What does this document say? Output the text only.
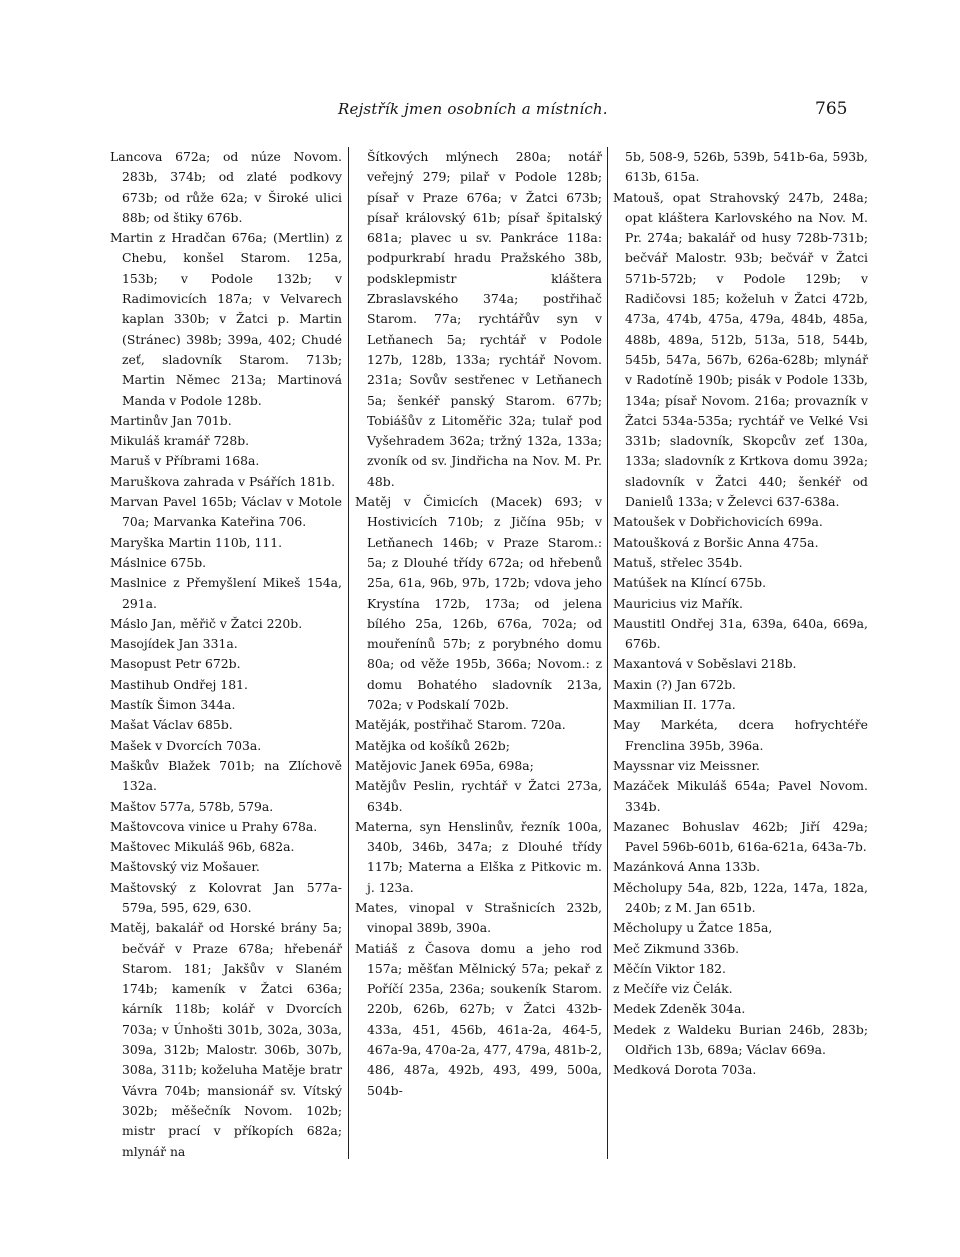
Rejstřík jmen osobních a místních.	765

Lancova 672a; od núze Novom. 283b, 374b; od zlaté podkovy 673b; od růže 62a; v Široké ulici 88b; od štiky 676b.

Martin z Hradčan 676a; (Mertlin) z Chebu, konšel Starom. 125a, 153b; v Podole 132b; v Radimovicích 187a; v Velvarech kaplan 330b; v Žatci p. Martin (Stránec) 398b; 399a, 402; Chudé zeť, sladovník Starom. 713b; Martin Němec 213a; Martinová Manda v Podole 128b.

Martinův Jan 701b.

Mikuláš kramář 728b.

Maruš v Příbrami 168a.

Maruškova zahrada v Psářích 181b.

Marvan Pavel 165b; Václav v Motole 70a; Marvanka Kateřina 706.

Maryška Martin 110b, 111.

Máslnice 675b.

Maslnice z Přemyšlení Mikeš 154a, 291a.

Máslo Jan, měřič v Žatci 220b.

Masojídek Jan 331a.

Masopust Petr 672b.

Mastihub Ondřej 181.

Mastík Šimon 344a.

Mašat Václav 685b.

Mašek v Dvorcích 703a.

Maškův Blažek 701b; na Zlíchově 132a.

Maštov 577a, 578b, 579a.

Maštovcova vinice u Prahy 678a.

Maštovec Mikuláš 96b, 682a.

Maštovský viz Mošauer.

Maštovský z Kolovrat Jan 577a-579a, 595, 629, 630.

Matěj, bakalář od Horské brány 5a; bečvář v Praze 678a; hřebenář Starom. 181; Jakšův v Slaném 174b; kameník v Žatci 636a; kárník 118b; kolář v Dvorcích 703a; v Únhošti 301b, 302a, 303a, 309a, 312b; Malostr. 306b, 307b, 308a, 311b; koželuha Matěje bratr Vávra 704b; mansionář sv. Vítský 302b; měšečník Novom. 102b; mistr prací v příkopích 682a; mlynář na

Šítkových mlýnech 280a; notář veřejný 279; pilař v Podole 128b; písař v Praze 676a; v Žatci 673b; písař královský 61b; písař špitalský 681a; plavec u sv. Pankráce 118a: podpurkrabí hradu Pražského 38b, podsklepmistr kláštera Zbraslavského 374a; postřihač Starom. 77a; rychtářův syn v Letňanech 5a; rychtář v Podole 127b, 128b, 133a; rychtář Novom. 231a; Sovův sestřenec v Letňanech 5a; šenkéř panský Starom. 677b; Tobiášův z Litoměřic 32a; tulař pod Vyšehradem 362a; tržný 132a, 133a; zvoník od sv. Jindřicha na Nov. M. Pr. 48b.

Matěj v Čimicích (Macek) 693; v Hostivicích 710b; z Jičína 95b; v Letňanech 146b; v Praze Starom.: 5a; z Dlouhé třídy 672a; od hřebenů 25a, 61a, 96b, 97b, 172b; vdova jeho Krystína 172b, 173a; od jelena bílého 25a, 126b, 676a, 702a; od mouřenínů 57b; z porybného domu 80a; od věže 195b, 366a; Novom.: z domu Bohatého sladovník 213a, 702a; v Podskalí 702b.

Matěják, postřihač Starom. 720a.

Matějka od košíků 262b;

Matějovic Janek 695a, 698a;

Matějův Peslin, rychtář v Žatci 273a, 634b.

Materna, syn Henslinův, řezník 100a, 340b, 346b, 347a; z Dlouhé třídy 117b; Materna a Elška z Pitkovic m. j. 123a.

Mates, vinopal v Strašnicích 232b, vinopal 389b, 390a.

Matiáš z Časova domu a jeho rod 157a; měšťan Mělnický 57a; pekař z Poříčí 235a, 236a; soukeník Starom. 220b, 626b, 627b; v Žatci 432b-433a, 451, 456b, 461a-2a, 464-5, 467a-9a, 470a-2a, 477, 479a, 481b-2, 486, 487a, 492b, 493, 499, 500a, 504b-

5b, 508-9, 526b, 539b, 541b-6a, 593b, 613b, 615a.

Matouš, opat Strahovský 247b, 248a; opat kláštera Karlovského na Nov. M. Pr. 274a; bakalář od husy 728b-731b; bečvář Malostr. 93b; bečvář v Žatci 571b-572b; v Podole 129b; v Radičovsi 185; koželuh v Žatci 472b, 473a, 474b, 475a, 479a, 484b, 485a, 488b, 489a, 512b, 513a, 518, 544b, 545b, 547a, 567b, 626a-628b; mlynář v Radotíně 190b; pisák v Podole 133b, 134a; písař Novom. 216a; provazník v Žatci 534a-535a; rychtář ve Velké Vsi 331b; sladovník, Skopcův zeť 130a, 133a; sladovník z Krtkova domu 392a; sladovník v Žatci 440; šenkéř od Danielů 133a; v Želevci 637-638a.

Matoušek v Dobřichovicích 699a.

Matoušková z Boršic Anna 475a.

Matuš, střelec 354b.

Matúšek na Klíncí 675b.

Mauricius viz Mařík.

Maustitl Ondřej 31a, 639a, 640a, 669a, 676b.

Maxantová v Soběslavi 218b.

Maxin (?) Jan 672b.

Maxmilian II. 177a.

May Markéta, dcera hofrychtéře Frenclina 395b, 396a.

Mayssnar viz Meissner.

Mazáček Mikuláš 654a; Pavel Novom. 334b.

Mazanec Bohuslav 462b; Jiří 429a; Pavel 596b-601b, 616a-621a, 643a-7b.

Mazánková Anna 133b.

Měcholupy 54a, 82b, 122a, 147a, 182a, 240b; z M. Jan 651b.

Měcholupy u Žatce 185a,

Meč Zikmund 336b.

Měčín Viktor 182.

z Mečíře viz Čelák.

Medek Zdeněk 304a.

Medek z Waldeku Burian 246b, 283b; Oldřich 13b, 689a; Václav 669a.

Medková Dorota 703a.
